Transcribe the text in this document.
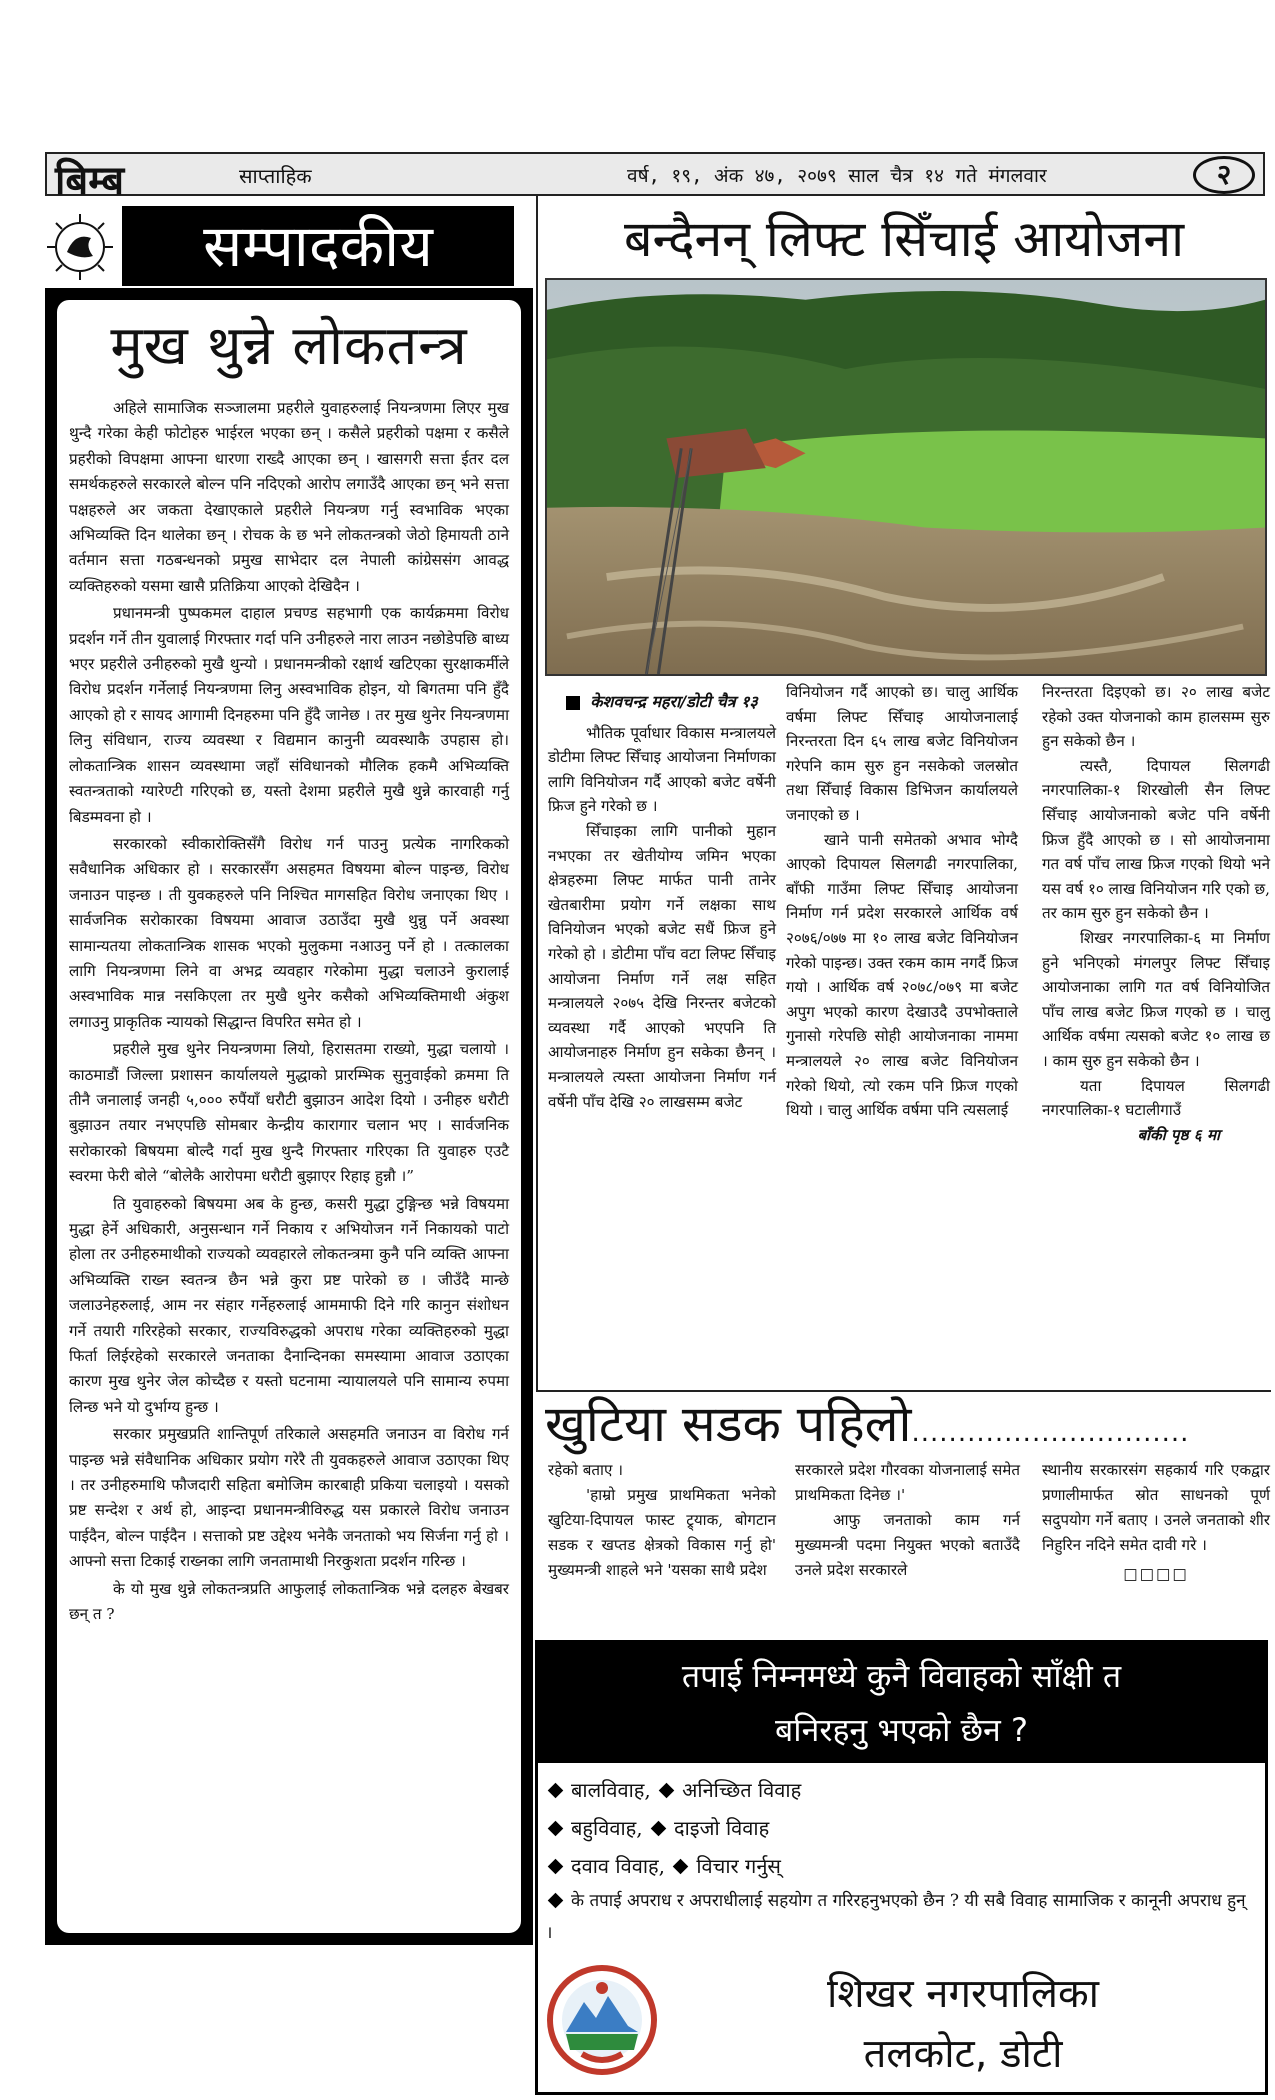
बिम्ब	साप्ताहिक	वर्ष, १९, अंक ४७, २०७९ साल चैत्र १४ गते मंगलवार	२
सम्पादकीय
मुख थुन्ने लोकतन्त्र

अहिले सामाजिक सञ्जालमा प्रहरीले युवाहरुलाई नियन्त्रणमा लिएर मुख थुन्दै गरेका केही फोटोहरु भाईरल भएका छन् । कसैले प्रहरीको पक्षमा र कसैले प्रहरीको विपक्षमा आफ्ना धारणा राख्दै आएका छन् । खासगरी सत्ता ईतर दल समर्थकहरुले सरकारले बोल्न पनि नदिएको आरोप लगाउँदै आएका छन् भने सत्ता पक्षहरुले अर जकता देखाएकाले प्रहरीले नियन्त्रण गर्नु स्वभाविक भएका अभिव्यक्ति दिन थालेका छन् । रोचक के छ भने लोकतन्त्रको जेठो हिमायती ठानेे वर्तमान सत्ता गठबन्धनको प्रमुख साभेदार दल नेपाली कांग्रेससंग आवद्ध व्यक्तिहरुको यसमा खासै प्रतिक्रिया आएको देखिदैन ।

प्रधानमन्त्री पुष्पकमल दाहाल प्रचण्ड सहभागी एक कार्यक्रममा विरोध प्रदर्शन गर्ने तीन युवालाई गिरफ्तार गर्दा पनि उनीहरुले नारा लाउन नछोडेपछि बाध्य भएर प्रहरीले उनीहरुको मुखै थुन्यो । प्रधानमन्त्रीको रक्षार्थ खटिएका सुरक्षाकर्मीले विरोध प्रदर्शन गर्नेलाई नियन्त्रणमा लिनु अस्वभाविक होइन, यो बिगतमा पनि हुँदै आएको हो र सायद आगामी दिनहरुमा पनि हुँदै जानेछ । तर मुख थुनेर नियन्त्रणमा लिनु संविधान, राज्य व्यवस्था र विद्यमान कानुनी व्यवस्थाकै उपहास हो। लोकतान्त्रिक शासन व्यवस्थामा जहाँ संविधानको मौलिक हकमै अभिव्यक्ति स्वतन्त्रताको ग्यारेण्टी गरिएको छ, यस्तो देशमा प्रहरीले मुखै थुन्ने कारवाही गर्नु बिडम्मवना हो ।

सरकारको स्वीकारोक्तिसँगै विरोध गर्न पाउनु प्रत्येक नागरिकको सवैधानिक अधिकार हो । सरकारसँग असहमत विषयमा बोल्न पाइन्छ, विरोध जनाउन पाइन्छ । ती युवकहरुले पनि निश्चित मागसहित विरोध जनाएका थिए । सार्वजनिक सरोकारका विषयमा आवाज उठाउँदा मुखै थुन्नु पर्ने अवस्था सामान्यतया लोकतान्त्रिक शासक भएको मुलुकमा नआउनु पर्ने हो । तत्कालका लागि नियन्त्रणमा लिने वा अभद्र व्यवहार गरेकोमा मुद्धा चलाउने कुरालाई अस्वभाविक मान्न नसकिएला तर मुखै थुनेर कसैको अभिव्यक्तिमाथी अंकुश लगाउनु प्राकृतिक न्यायको सिद्धान्त विपरित समेत हो ।

प्रहरीले मुख थुनेर नियन्त्रणमा लियो, हिरासतमा राख्यो, मुद्धा चलायो । काठमाडौं जिल्ला प्रशासन कार्यालयले मुद्धाको प्रारम्भिक सुनुवाईको क्रममा ति तीनै जनालाई जनही ५,००० रुपैंयाँ धरौटी बुझाउन आदेश दियो । उनीहरु धरौटी बुझाउन तयार नभएपछि सोमबार केन्द्रीय कारागार चलान भए । सार्वजनिक सरोकारको बिषयमा बोल्दै गर्दा मुख थुन्दै गिरफ्तार गरिएका ति युवाहरु एउटै स्वरमा फेरी बोले “बोलेकै आरोपमा धरौटी बुझाएर रिहाइ हुन्नौ ।”

ति युवाहरुको बिषयमा अब के हुन्छ, कसरी मुद्धा टुङ्गिन्छ भन्ने विषयमा मुद्धा हेर्ने अधिकारी, अनुसन्धान गर्ने निकाय र अभियोजन गर्ने निकायको पाटो होला तर उनीहरुमाथीको राज्यको व्यवहारले लोकतन्त्रमा कुनै पनि व्यक्ति आफ्ना अभिव्यक्ति राख्न स्वतन्त्र छैन भन्ने कुरा प्रष्ट पारेको छ । जीउँदै मान्छे जलाउनेहरुलाई, आम नर संहार गर्नेहरुलाई आममाफी दिने गरि कानुन संशोधन गर्ने तयारी गरिरहेको सरकार, राज्यविरुद्धको अपराध गरेका व्यक्तिहरुको मुद्धा फिर्ता लिईरहेको सरकारले जनताका दैनान्दिनका समस्यामा आवाज उठाएका कारण मुख थुनेर जेल कोच्दैछ र यस्तो घटनामा न्यायालयले पनि सामान्य रुपमा लिन्छ भने यो दुर्भाग्य हुन्छ ।

सरकार प्रमुखप्रति शान्तिपूर्ण तरिकाले असहमति जनाउन वा विरोध गर्न पाइन्छ भन्ने संवैधानिक अधिकार प्रयोग गरेरै ती युवकहरुले आवाज उठाएका थिए । तर उनीहरुमाथि फौजदारी सहिता बमोजिम कारबाही प्रकिया चलाइयो । यसको प्रष्ट सन्देश र अर्थ हो, आइन्दा प्रधानमन्त्रीविरुद्ध यस प्रकारले विरोध जनाउन पाईदैन, बोल्न पाईदैन । सत्ताको प्रष्ट उद्देश्य भनेकै जनताको भय सिर्जना गर्नु हो । आफ्नो सत्ता टिकाई राख्नका लागि जनतामाथी निरकुशता प्रदर्शन गरिन्छ ।

के यो मुख थुन्ने लोकतन्त्रप्रति आफुलाई लोकतान्त्रिक भन्ने दलहरु बेखबर छन् त ?

बन्दैनन् लिफ्ट सिँचाई आयोजना

केशवचन्द्र महरा/डोटी चैत्र १३

भौतिक पूर्वाधार विकास मन्त्रालयले डोटीमा लिफ्ट सिँचाइ आयोजना निर्माणका लागि विनियोजन गर्दै आएको बजेट वर्षेनी फ्रिज हुने गरेको छ ।

सिँचाइका लागि पानीको मुहान नभएका तर खेतीयोग्य जमिन भएका क्षेत्रहरुमा लिफ्ट मार्फत पानी तानेर खेतबारीमा प्रयोग गर्ने लक्षका साथ विनियोजन भएको बजेट सधैं फ्रिज हुने गरेको हो । डोटीमा पाँच वटा लिफ्ट सिँचाइ आयोजना निर्माण गर्ने लक्ष सहित मन्त्रालयले २०७५ देखि निरन्तर बजेटको व्यवस्था गर्दै आएको भएपनि ति आयोजनाहरु निर्माण हुन सकेका छैनन् । मन्त्रालयले त्यस्ता आयोजना निर्माण गर्न वर्षेनी पाँच देखि २० लाखसम्म बजेट

विनियोजन गर्दै आएको छ। चालु आर्थिक वर्षमा लिफ्ट सिँचाइ आयोजनालाई निरन्तरता दिन ६५ लाख बजेट विनियोजन गरेपनि काम सुरु हुन नसकेको जलस्रोत तथा सिँचाई विकास डिभिजन कार्यालयले जनाएको छ ।

खाने पानी समेतको अभाव भोग्दै आएको दिपायल सिलगढी नगरपालिका, बाँफी गाउँमा लिफ्ट सिँचाइ आयोजना निर्माण गर्न प्रदेश सरकारले आर्थिक वर्ष २०७६/०७७ मा १० लाख बजेट विनियोजन गरेको पाइन्छ। उक्त रकम काम नगर्दै फ्रिज गयो । आर्थिक वर्ष २०७८/०७९ मा बजेट अपुग भएको कारण देखाउदै उपभोक्ताले गुनासो गरेपछि सोही आयोजनाका नाममा मन्त्रालयले २० लाख बजेट विनियोजन गरेको थियो, त्यो रकम पनि फ्रिज गएको थियो । चालु आर्थिक वर्षमा पनि त्यसलाई

निरन्तरता दिइएको छ। २० लाख बजेट रहेको उक्त योजनाको काम हालसम्म सुरु हुन सकेको छैन ।

त्यस्तै, दिपायल सिलगढी नगरपालिका-१ शिरखोली सैन लिफ्ट सिँचाइ आयोजनाको बजेट पनि वर्षेनी फ्रिज हुँदै आएको छ । सो आयोजनामा गत वर्ष पाँच लाख फ्रिज गएको थियो भने यस वर्ष १० लाख विनियोजन गरि एको छ, तर काम सुरु हुन सकेको छैन ।

शिखर नगरपालिका-६ मा निर्माण हुने भनिएको मंगलपुर लिफ्ट सिँचाइ आयोजनाका लागि गत वर्ष विनियोजित पाँच लाख बजेट फ्रिज गएको छ । चालु आर्थिक वर्षमा त्यसको बजेट १० लाख छ । काम सुरु हुन सकेको छैन ।

यता दिपायल सिलगढी नगरपालिका-१ घटालीगाउँ

बाँकी पृष्ठ ६ मा

खुटिया सडक पहिलो..............................

रहेको बताए ।

'हाम्रो प्रमुख प्राथमिकता भनेको खुटिया-दिपायल फास्ट ट्र्याक, बोगटान सडक र खप्तड क्षेत्रको विकास गर्नु हो' मुख्यमन्त्री शाहले भने 'यसका साथै प्रदेश

सरकारले प्रदेश गौरवका योजनालाई समेत प्राथमिकता दिनेछ ।'

आफु जनताको काम गर्न मुख्यमन्त्री पदमा नियुक्त भएको बताउँदै उनले प्रदेश सरकारले

स्थानीय सरकारसंग सहकार्य गरि एकद्वार प्रणालीमार्फत स्रोत साधनको पूर्ण सदुपयोग गर्ने बताए । उनले जनताको शीर निहुरिन नदिने समेत दावी गरे ।

□□□□

तपाई निम्नमध्ये कुनै विवाहको साँक्षी त
बनिरहनु भएको छैन ?
बालविवाह, अनिच्छित विवाह
बहुविवाह, दाइजो विवाह
दवाव विवाह, विचार गर्नुस्
के तपाई अपराध र अपराधीलाई सहयोग त गरिरहनुभएको छैन ? यी सबै विवाह सामाजिक र कानूनी अपराध हुन् ।
शिखर नगरपालिका
तलकोट, डोटी
